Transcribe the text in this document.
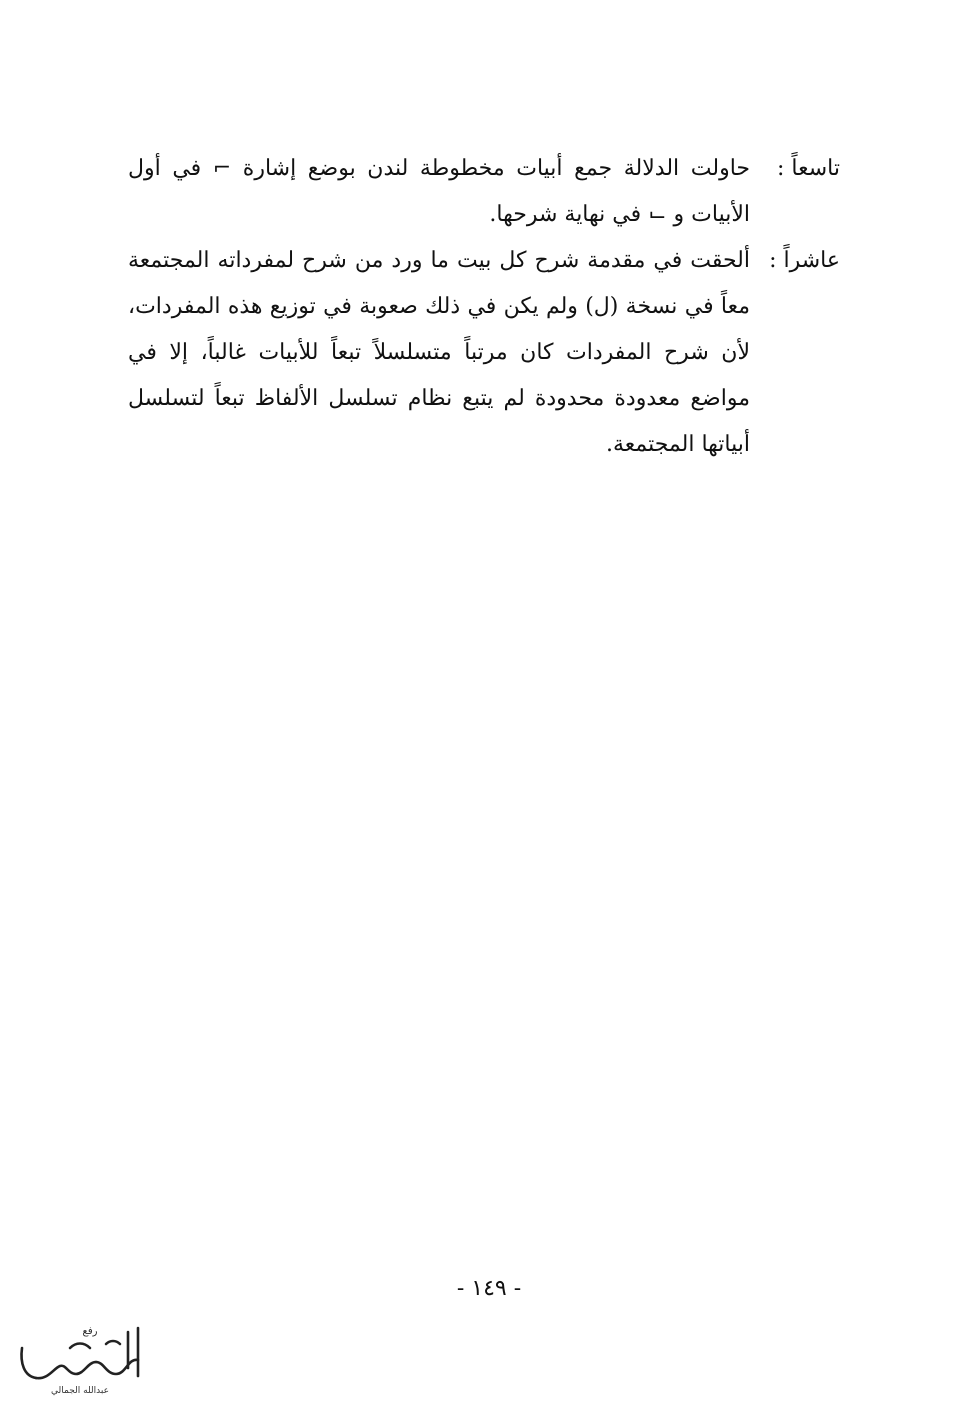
تاسعاً :
حاولت الدلالة جمع أبيات مخطوطة لندن بوضع إشارة ⌐ في أول الأبيات و ⌙ في نهاية شرحها.
عاشراً :
ألحقت في مقدمة شرح كل بيت ما ورد من شرح لمفرداته المجتمعة معاً في نسخة (ل) ولم يكن في ذلك صعوبة في توزيع هذه المفردات، لأن شرح المفردات كان مرتباً متسلسلاً تبعاً للأبيات غالباً، إلا في مواضع معدودة محدودة لم يتبع نظام تسلسل الألفاظ تبعاً لتسلسل أبياتها المجتمعة.
- ١٤٩ -
رفع
المستهمل
عبدالله الجمالي
